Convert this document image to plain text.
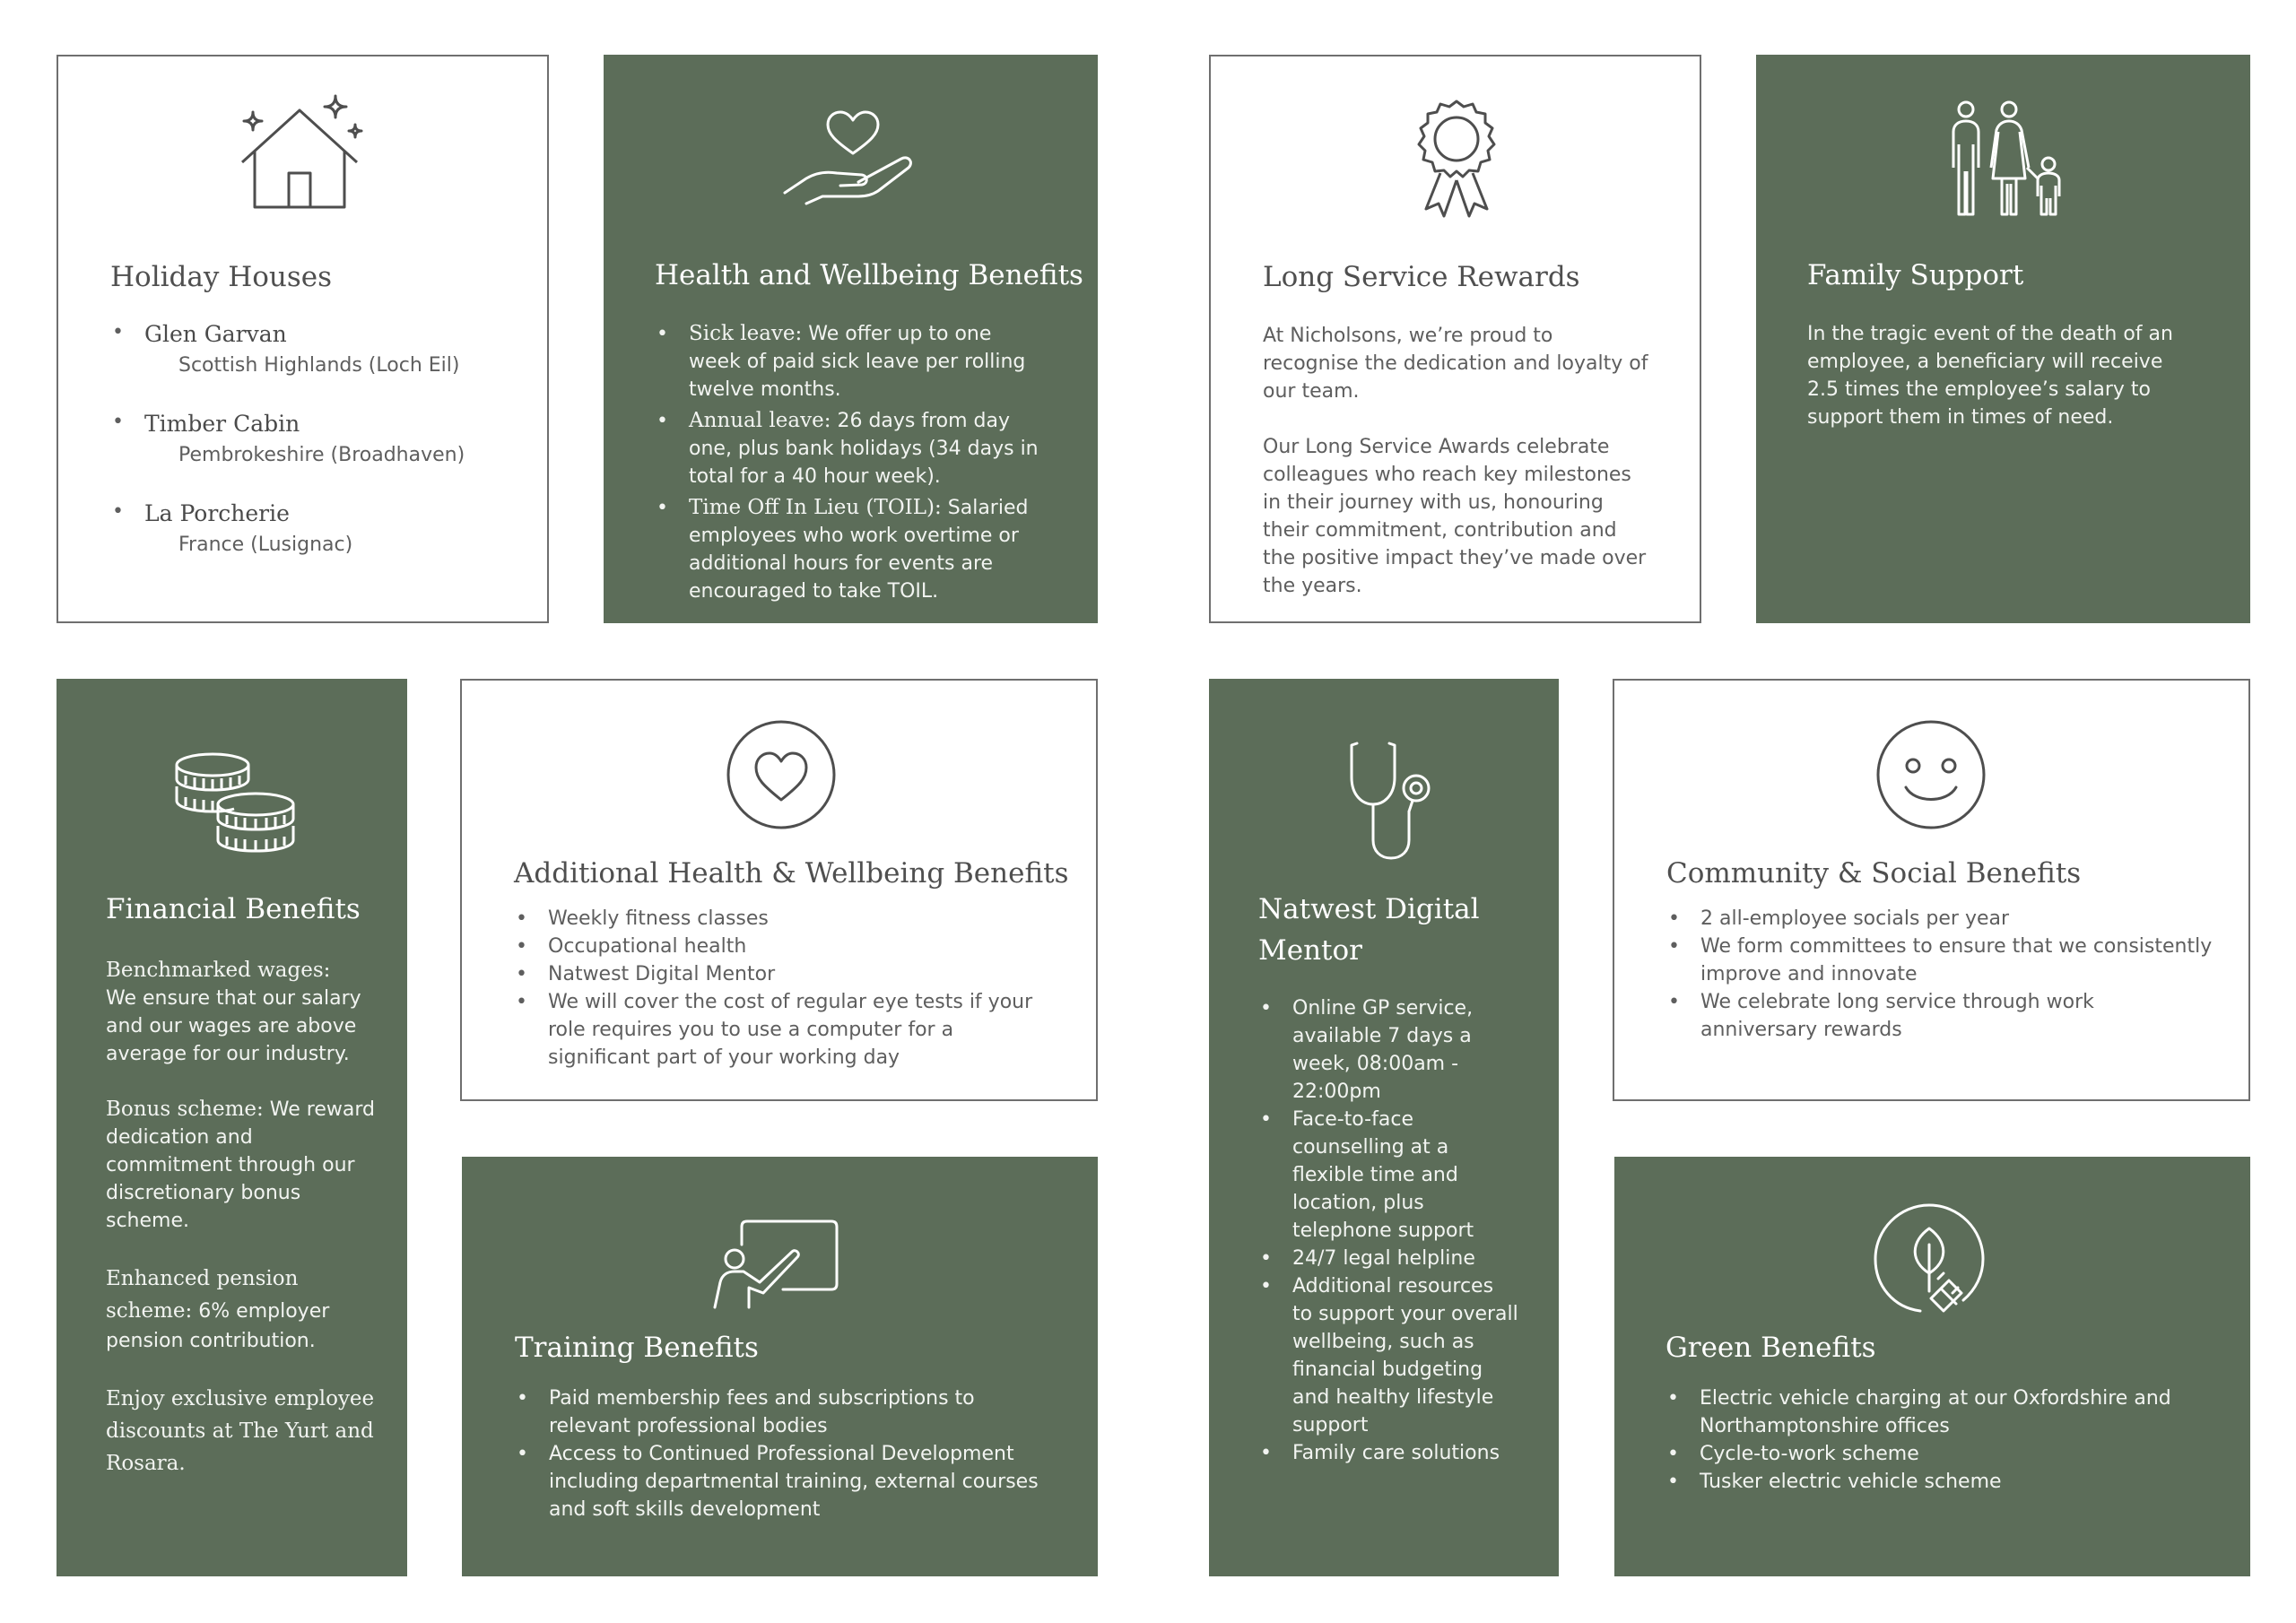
Holiday Houses
• Glen Garvan
Scottish Highlands (Loch Eil)
• Timber Cabin
Pembrokeshire (Broadhaven)
• La Porcherie
France (Lusignac)
Health and Wellbeing Benefits
• Sick leave: We offer up to one week of paid sick leave per rolling twelve months.
• Annual leave: 26 days from day one, plus bank holidays (34 days in total for a 40 hour week).
• Time Off In Lieu (TOIL): Salaried employees who work overtime or additional hours for events are encouraged to take TOIL.
Long Service Rewards

At Nicholsons, we’re proud to recognise the dedication and loyalty of our team.

Our Long Service Awards celebrate colleagues who reach key milestones in their journey with us, honouring their commitment, contribution and the positive impact they’ve made over the years.

Family Support

In the tragic event of the death of an employee, a beneficiary will receive 2.5 times the employee’s salary to support them in times of need.

Financial Benefits

Benchmarked wages:
We ensure that our salary and our wages are above average for our industry.

Bonus scheme: We reward dedication and commitment through our discretionary bonus scheme.

Enhanced pension scheme: 6% employer pension contribution.

Enjoy exclusive employee discounts at The Yurt and Rosara.

Additional Health & Wellbeing Benefits
• Weekly fitness classes
• Occupational health
• Natwest Digital Mentor
• We will cover the cost of regular eye tests if your role requires you to use a computer for a significant part of your working day
Training Benefits
• Paid membership fees and subscriptions to relevant professional bodies
• Access to Continued Professional Development including departmental training, external courses and soft skills development
Natwest Digital Mentor
• Online GP service, available 7 days a week, 08:00am - 22:00pm
• Face-to-face counselling at a flexible time and location, plus telephone support
• 24/7 legal helpline
• Additional resources to support your overall wellbeing, such as financial budgeting and healthy lifestyle support
• Family care solutions
Community & Social Benefits
• 2 all-employee socials per year
• We form committees to ensure that we consistently improve and innovate
• We celebrate long service through work anniversary rewards
Green Benefits
• Electric vehicle charging at our Oxfordshire and Northamptonshire offices
• Cycle-to-work scheme
• Tusker electric vehicle scheme
